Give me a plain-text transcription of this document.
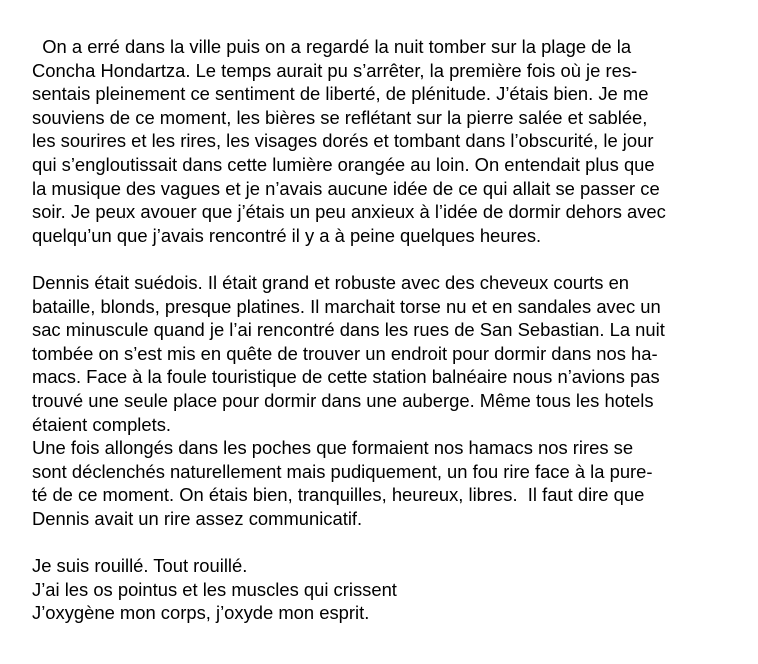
On a erré dans la ville puis on a regardé la nuit tomber sur la plage de la
Concha Hondartza. Le temps aurait pu s’arrêter, la première fois où je res-
sentais pleinement ce sentiment de liberté, de plénitude. J’étais bien. Je me
souviens de ce moment, les bières se reflétant sur la pierre salée et sablée,
les sourires et les rires, les visages dorés et tombant dans l’obscurité, le jour
qui s’engloutissait dans cette lumière orangée au loin. On entendait plus que
la musique des vagues et je n’avais aucune idée de ce qui allait se passer ce
soir. Je peux avouer que j’étais un peu anxieux à l’idée de dormir dehors avec
quelqu’un que j’avais rencontré il y a à peine quelques heures.
Dennis était suédois. Il était grand et robuste avec des cheveux courts en
bataille, blonds, presque platines. Il marchait torse nu et en sandales avec un
sac minuscule quand je l’ai rencontré dans les rues de San Sebastian. La nuit
tombée on s’est mis en quête de trouver un endroit pour dormir dans nos ha-
macs. Face à la foule touristique de cette station balnéaire nous n’avions pas
trouvé une seule place pour dormir dans une auberge. Même tous les hotels
étaient complets.
Une fois allongés dans les poches que formaient nos hamacs nos rires se
sont déclenchés naturellement mais pudiquement, un fou rire face à la pure-
té de ce moment. On étais bien, tranquilles, heureux, libres.  Il faut dire que
Dennis avait un rire assez communicatif.
Je suis rouillé. Tout rouillé.
J’ai les os pointus et les muscles qui crissent
J’oxygène mon corps, j’oxyde mon esprit.
